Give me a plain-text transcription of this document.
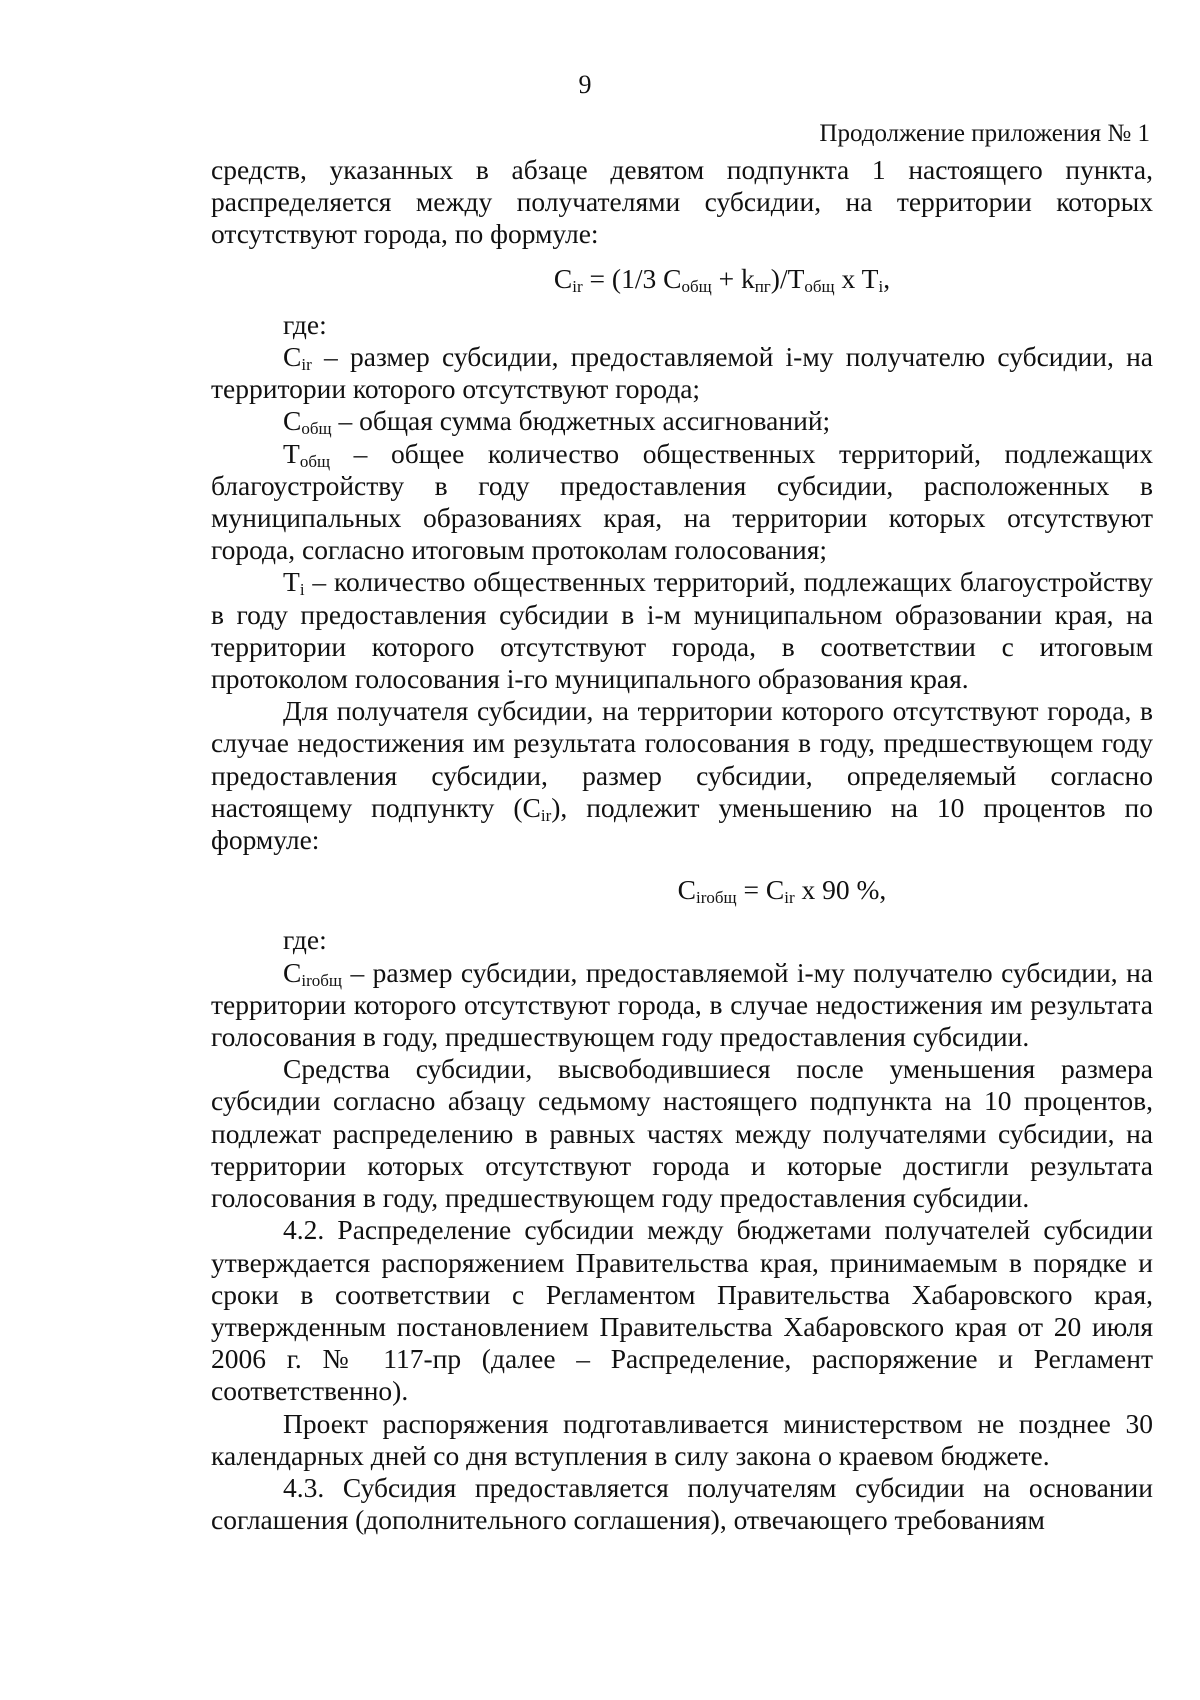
9
Продолжение приложения № 1

средств, указанных в абзаце девятом подпункта 1 настоящего пункта, распределяется между получателями субсидии, на территории которых отсутствуют города, по формуле:

$C_{ir} = (1/3$ $C_{общ} + k_{пг})/T_{общ}$ x $T_i$,

где:

$C_{ir}$ – размер субсидии, предоставляемой i-му получателю субсидии, на территории которого отсутствуют города;

$C_{общ}$ – общая сумма бюджетных ассигнований;

$T_{общ}$ – общее количество общественных территорий, подлежащих благоустройству в году предоставления субсидии, расположенных в муниципальных образованиях края, на территории которых отсутствуют города, согласно итоговым протоколам голосования;

$T_i$ – количество общественных территорий, подлежащих благоустройству в году предоставления субсидии в i-м муниципальном образовании края, на территории которого отсутствуют города, в соответствии с итоговым протоколом голосования i-го муниципального образования края.

Для получателя субсидии, на территории которого отсутствуют города, в случае недостижения им результата голосования в году, предшествующем году предоставления субсидии, размер субсидии, определяемый согласно настоящему подпункту $(C_{ir})$, подлежит уменьшению на 10 процентов по формуле:

$C_{irобщ} = C_{ir}$ x 90 %,

где:

$C_{irобщ}$ – размер субсидии, предоставляемой i-му получателю субсидии, на территории которого отсутствуют города, в случае недостижения им результата голосования в году, предшествующем году предоставления субсидии.

Средства субсидии, высвободившиеся после уменьшения размера субсидии согласно абзацу седьмому настоящего подпункта на 10 процентов, подлежат распределению в равных частях между получателями субсидии, на территории которых отсутствуют города и которые достигли результата голосования в году, предшествующем году предоставления субсидии.

4.2. Распределение субсидии между бюджетами получателей субсидии утверждается распоряжением Правительства края, принимаемым в порядке и сроки в соответствии с Регламентом Правительства Хабаровского края, утвержденным постановлением Правительства Хабаровского края от 20 июля 2006 г. № 117-пр (далее – Распределение, распоряжение и Регламент соответственно).

Проект распоряжения подготавливается министерством не позднее 30 календарных дней со дня вступления в силу закона о краевом бюджете.

4.3. Субсидия предоставляется получателям субсидии на основании соглашения (дополнительного соглашения), отвечающего требованиям
